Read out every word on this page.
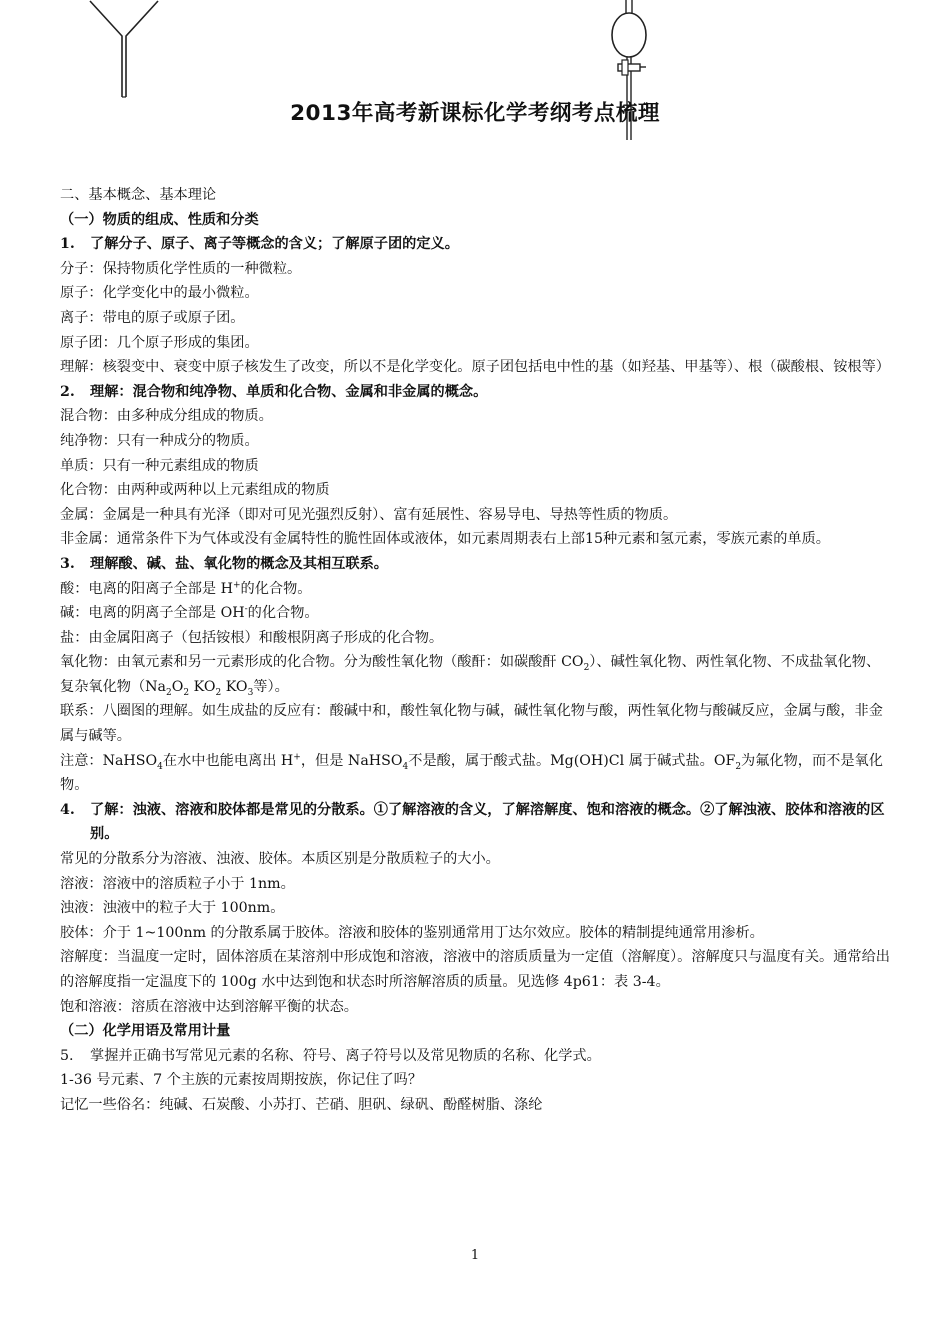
2013年高考新课标化学考纲考点梳理

二、基本概念、基本理论

（一）物质的组成、性质和分类

1.	了解分子、原子、离子等概念的含义；了解原子团的定义。

分子：保持物质化学性质的一种微粒。

原子：化学变化中的最小微粒。

离子：带电的原子或原子团。

原子团：几个原子形成的集团。

理解：核裂变中、衰变中原子核发生了改变，所以不是化学变化。原子团包括电中性的基（如羟基、甲基等）、根（碳酸根、铵根等）

2.	理解：混合物和纯净物、单质和化合物、金属和非金属的概念。

混合物：由多种成分组成的物质。

纯净物：只有一种成分的物质。

单质：只有一种元素组成的物质

化合物：由两种或两种以上元素组成的物质

金属：金属是一种具有光泽（即对可见光强烈反射）、富有延展性、容易导电、导热等性质的物质。

非金属：通常条件下为气体或没有金属特性的脆性固体或液体，如元素周期表右上部15种元素和氢元素，零族元素的单质。

3.	理解酸、碱、盐、氧化物的概念及其相互联系。

酸：电离的阳离子全部是 H+的化合物。

碱：电离的阴离子全部是 OH-的化合物。

盐：由金属阳离子（包括铵根）和酸根阴离子形成的化合物。

氧化物：由氧元素和另一元素形成的化合物。分为酸性氧化物（酸酐：如碳酸酐 $CO_2$）、碱性氧化物、两性氧化物、不成盐氧化物、复杂氧化物（$Na_2O_2$ $KO_2$ $KO_3$等）。

联系：八圈图的理解。如生成盐的反应有：酸碱中和，酸性氧化物与碱，碱性氧化物与酸，两性氧化物与酸碱反应，金属与酸，非金属与碱等。

注意：NaHSO$_4$在水中也能电离出 H+，但是 NaHSO$_4$不是酸，属于酸式盐。Mg(OH)Cl 属于碱式盐。$OF_2$为氟化物，而不是氧化物。

4.	了解：浊液、溶液和胶体都是常见的分散系。①了解溶液的含义，了解溶解度、饱和溶液的概念。②了解浊液、胶体和溶液的区别。

常见的分散系分为溶液、浊液、胶体。本质区别是分散质粒子的大小。

溶液：溶液中的溶质粒子小于 1nm。

浊液：浊液中的粒子大于 100nm。

胶体：介于 1~100nm 的分散系属于胶体。溶液和胶体的鉴别通常用丁达尔效应。胶体的精制提纯通常用渗析。

溶解度：当温度一定时，固体溶质在某溶剂中形成饱和溶液，溶液中的溶质质量为一定值（溶解度）。溶解度只与温度有关。通常给出的溶解度指一定温度下的 100g 水中达到饱和状态时所溶解溶质的质量。见选修 4p61：表 3-4。

饱和溶液：溶质在溶液中达到溶解平衡的状态。

（二）化学用语及常用计量

5.	掌握并正确书写常见元素的名称、符号、离子符号以及常见物质的名称、化学式。

1-36 号元素、7 个主族的元素按周期按族，你记住了吗？

记忆一些俗名：纯碱、石炭酸、小苏打、芒硝、胆矾、绿矾、酚醛树脂、涤纶

1
